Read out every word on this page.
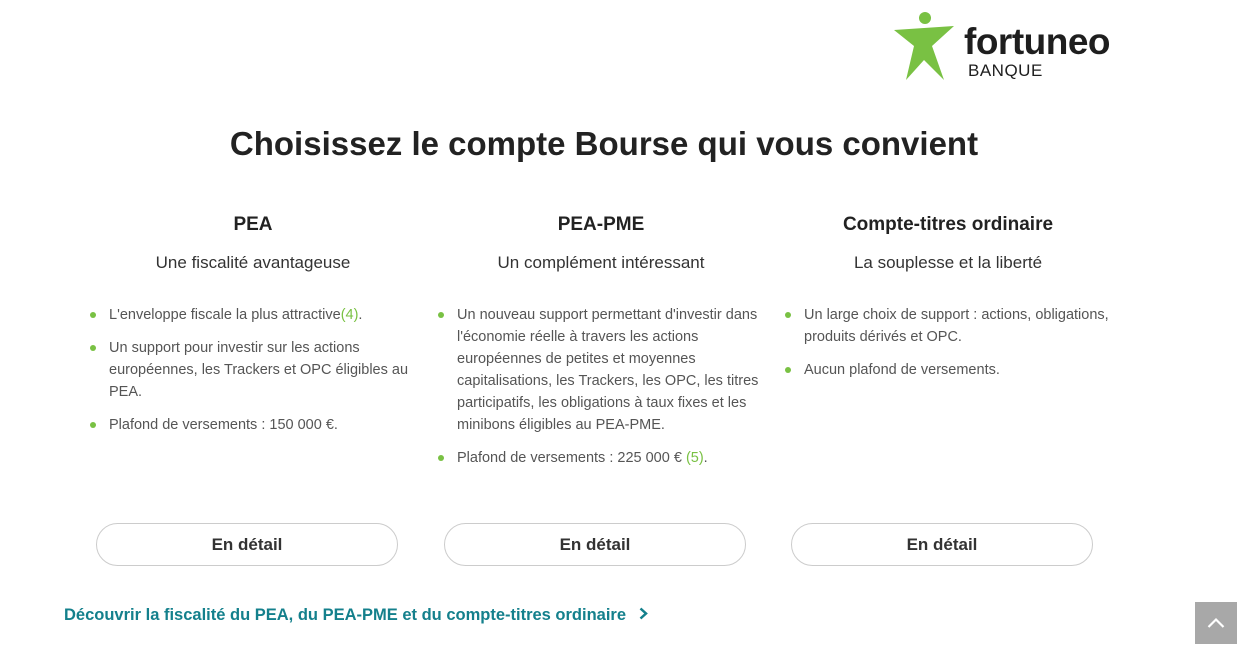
fortuneo
BANQUE
Choisissez le compte Bourse qui vous convient
PEA
Une fiscalité avantageuse
L'enveloppe fiscale la plus attractive(4).
Un support pour investir sur les actions européennes, les Trackers et OPC éligibles au PEA.
Plafond de versements : 150 000 €.
PEA-PME
Un complément intéressant
Un nouveau support permettant d'investir dans l'économie réelle à travers les actions européennes de petites et moyennes capitalisations, les Trackers, les OPC, les titres participatifs, les obligations à taux fixes et les minibons éligibles au PEA-PME.
Plafond de versements : 225 000 € (5).
Compte-titres ordinaire
La souplesse et la liberté
Un large choix de support : actions, obligations, produits dérivés et OPC.
Aucun plafond de versements.
En détail	En détail	En détail
Découvrir la fiscalité du PEA, du PEA-PME et du compte-titres ordinaire
